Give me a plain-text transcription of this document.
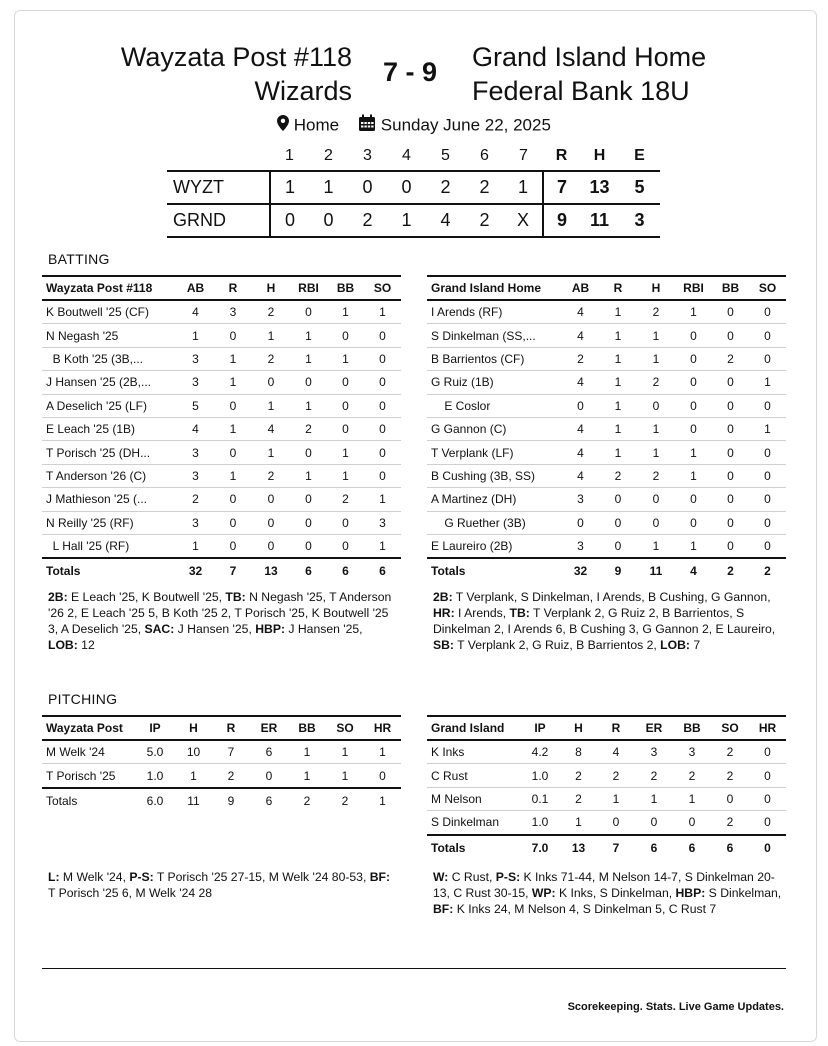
Wayzata Post #118
Wizards
7 - 9	Grand Island Home
Federal Bank 18U
Home Sunday June 22, 2025
	1	2	3	4	5	6	7	R	H	E
WYZT	1	1	0	0	2	2	1	7	13	5
GRND	0	0	2	1	4	2	X	9	11	3
BATTING
Wayzata Post #118	AB	R	H	RBI	BB	SO
K Boutwell '25 (CF)	4	3	2	0	1	1
N Negash '25	1	0	1	1	0	0
B Koth '25 (3B,...	3	1	2	1	1	0
J Hansen '25 (2B,...	3	1	0	0	0	0
A Deselich '25 (LF)	5	0	1	1	0	0
E Leach '25 (1B)	4	1	4	2	0	0
T Porisch '25 (DH...	3	0	1	0	1	0
T Anderson '26 (C)	3	1	2	1	1	0
J Mathieson '25 (...	2	0	0	0	2	1
N Reilly '25 (RF)	3	0	0	0	0	3
L Hall '25 (RF)	1	0	0	0	0	1
Totals	32	7	13	6	6	6
Grand Island Home	AB	R	H	RBI	BB	SO
I Arends (RF)	4	1	2	1	0	0
S Dinkelman (SS,...	4	1	1	0	0	0
B Barrientos (CF)	2	1	1	0	2	0
G Ruiz (1B)	4	1	2	0	0	1
E Coslor	0	1	0	0	0	0
G Gannon (C)	4	1	1	0	0	1
T Verplank (LF)	4	1	1	1	0	0
B Cushing (3B, SS)	4	2	2	1	0	0
A Martinez (DH)	3	0	0	0	0	0
G Ruether (3B)	0	0	0	0	0	0
E Laureiro (2B)	3	0	1	1	0	0
Totals	32	9	11	4	2	2
2B: E Leach '25, K Boutwell '25, TB: N Negash '25, T Anderson '26 2, E Leach '25 5, B Koth '25 2, T Porisch '25, K Boutwell '25 3, A Deselich '25, SAC: J Hansen '25, HBP: J Hansen '25, LOB: 12
2B: T Verplank, S Dinkelman, I Arends, B Cushing, G Gannon, HR: I Arends, TB: T Verplank 2, G Ruiz 2, B Barrientos, S Dinkelman 2, I Arends 6, B Cushing 3, G Gannon 2, E Laureiro, SB: T Verplank 2, G Ruiz, B Barrientos 2, LOB: 7
PITCHING
Wayzata Post	IP	H	R	ER	BB	SO	HR
M Welk '24	5.0	10	7	6	1	1	1
T Porisch '25	1.0	1	2	0	1	1	0
Totals	6.0	11	9	6	2	2	1
Grand Island	IP	H	R	ER	BB	SO	HR
K Inks	4.2	8	4	3	3	2	0
C Rust	1.0	2	2	2	2	2	0
M Nelson	0.1	2	1	1	1	0	0
S Dinkelman	1.0	1	0	0	0	2	0
Totals	7.0	13	7	6	6	6	0
L: M Welk '24, P-S: T Porisch '25 27-15, M Welk '24 80-53, BF: T Porisch '25 6, M Welk '24 28
W: C Rust, P-S: K Inks 71-44, M Nelson 14-7, S Dinkelman 20-13, C Rust 30-15, WP: K Inks, S Dinkelman, HBP: S Dinkelman, BF: K Inks 24, M Nelson 4, S Dinkelman 5, C Rust 7
Scorekeeping. Stats. Live Game Updates.
